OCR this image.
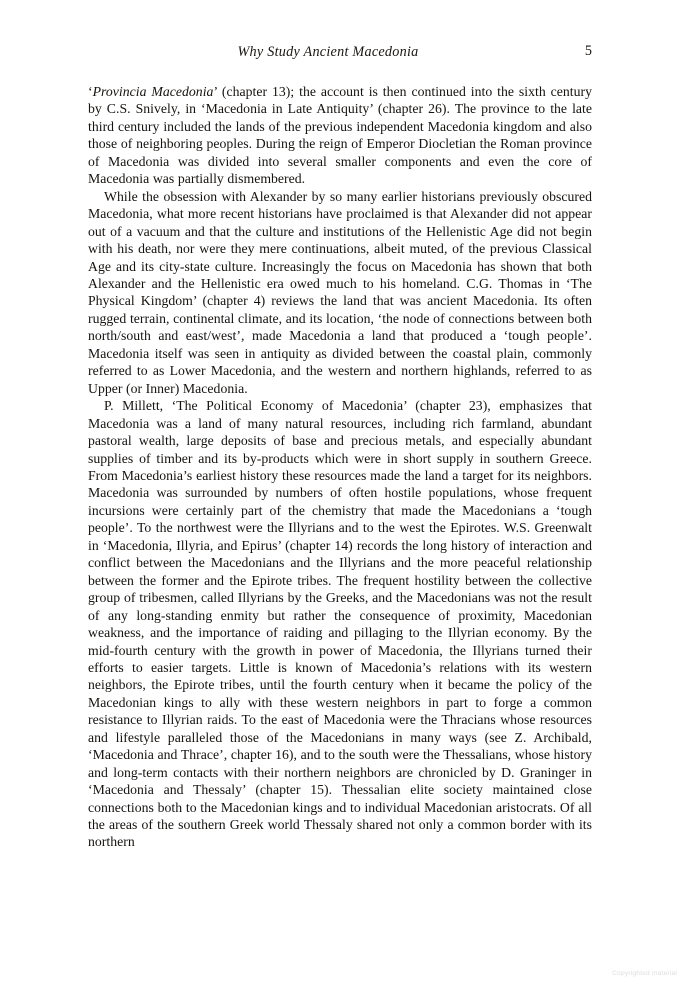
Why Study Ancient Macedonia	5

‘Provincia Macedonia’ (chapter 13); the account is then continued into the sixth century by C.S. Snively, in ‘Macedonia in Late Antiquity’ (chapter 26). The province to the late third century included the lands of the previous independent Macedonia kingdom and also those of neighboring peoples. During the reign of Emperor Diocletian the Roman province of Macedonia was divided into several smaller components and even the core of Macedonia was partially dismembered.

While the obsession with Alexander by so many earlier historians previously obscured Macedonia, what more recent historians have proclaimed is that Alexander did not appear out of a vacuum and that the culture and institutions of the Hellenistic Age did not begin with his death, nor were they mere continuations, albeit muted, of the previous Classical Age and its city-state culture. Increasingly the focus on Macedonia has shown that both Alexander and the Hellenistic era owed much to his homeland. C.G. Thomas in ‘The Physical Kingdom’ (chapter 4) reviews the land that was ancient Macedonia. Its often rugged terrain, continental climate, and its location, ‘the node of connections between both north/south and east/west’, made Macedonia a land that produced a ‘tough people’. Macedonia itself was seen in antiquity as divided between the coastal plain, commonly referred to as Lower Macedonia, and the western and northern highlands, referred to as Upper (or Inner) Macedonia.

P. Millett, ‘The Political Economy of Macedonia’ (chapter 23), emphasizes that Macedonia was a land of many natural resources, including rich farmland, abundant pastoral wealth, large deposits of base and precious metals, and especially abundant supplies of timber and its by-products which were in short supply in southern Greece. From Macedonia’s earliest history these resources made the land a target for its neighbors. Macedonia was surrounded by numbers of often hostile populations, whose frequent incursions were certainly part of the chemistry that made the Macedonians a ‘tough people’. To the northwest were the Illyrians and to the west the Epirotes. W.S. Greenwalt in ‘Macedonia, Illyria, and Epirus’ (chapter 14) records the long history of interaction and conflict between the Macedonians and the Illyrians and the more peaceful relationship between the former and the Epirote tribes. The frequent hostility between the collective group of tribesmen, called Illyrians by the Greeks, and the Macedonians was not the result of any long-standing enmity but rather the consequence of proximity, Macedonian weakness, and the importance of raiding and pillaging to the Illyrian economy. By the mid-fourth century with the growth in power of Macedonia, the Illyrians turned their efforts to easier targets. Little is known of Macedonia’s relations with its western neighbors, the Epirote tribes, until the fourth century when it became the policy of the Macedonian kings to ally with these western neighbors in part to forge a common resistance to Illyrian raids. To the east of Macedonia were the Thracians whose resources and lifestyle paralleled those of the Macedonians in many ways (see Z. Archibald, ‘Macedonia and Thrace’, chapter 16), and to the south were the Thessalians, whose history and long-term contacts with their northern neighbors are chronicled by D. Graninger in ‘Macedonia and Thessaly’ (chapter 15). Thessalian elite society maintained close connections both to the Macedonian kings and to individual Macedonian aristocrats. Of all the areas of the southern Greek world Thessaly shared not only a common border with its northern

Copyrighted material
